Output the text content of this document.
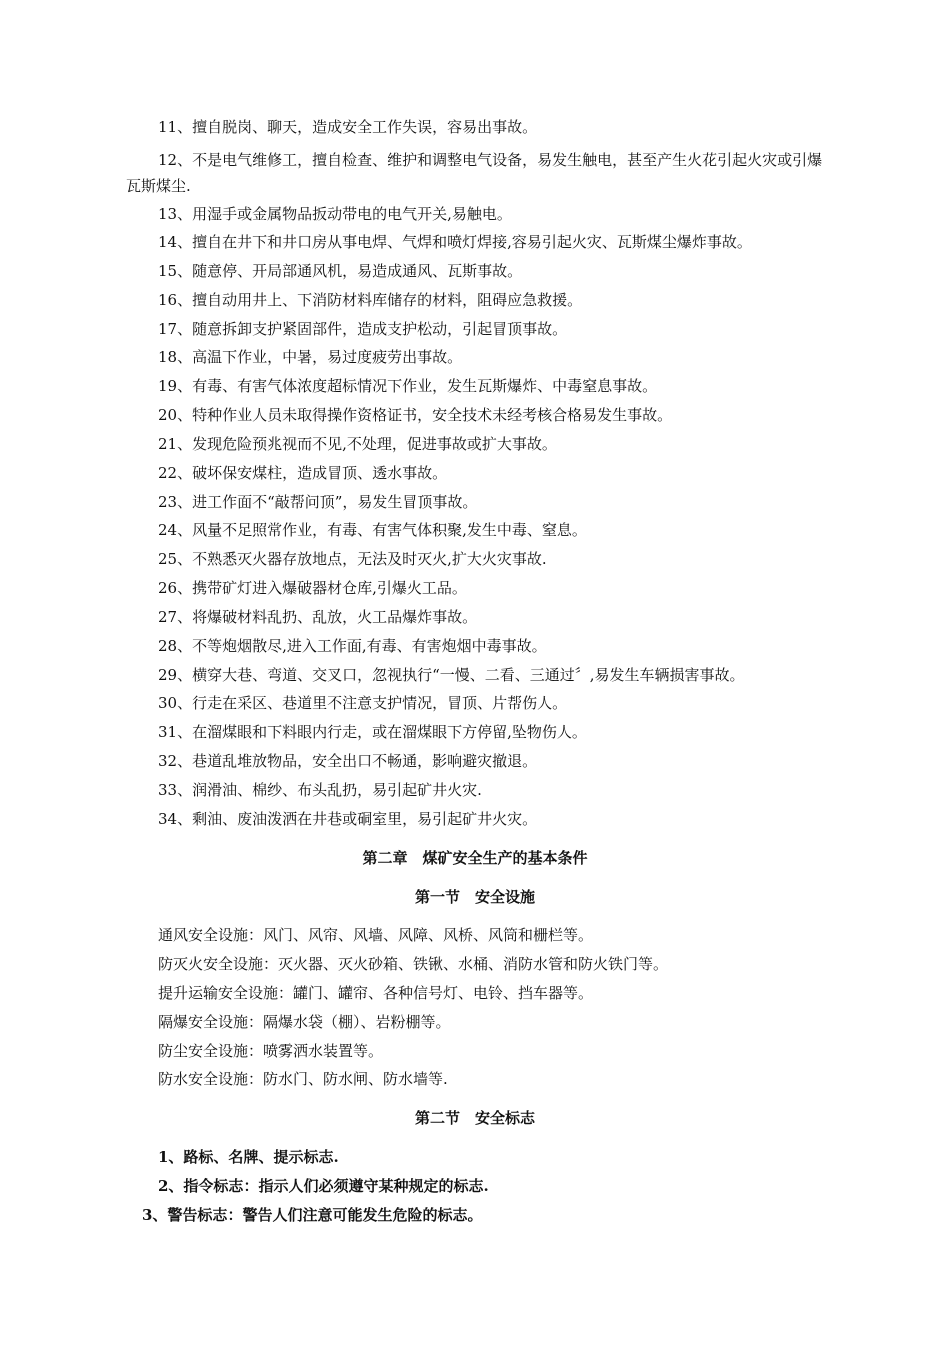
11、擅自脱岗、聊天，造成安全工作失误，容易出事故。
12、不是电气维修工，擅自检查、维护和调整电气设备，易发生触电，甚至产生火花引起火灾或引爆瓦斯煤尘.
13、用湿手或金属物品扳动带电的电气开关,易触电。
14、擅自在井下和井口房从事电焊、气焊和喷灯焊接,容易引起火灾、瓦斯煤尘爆炸事故。
15、随意停、开局部通风机，易造成通风、瓦斯事故。
16、擅自动用井上、下消防材料库储存的材料，阻碍应急救援。
17、随意拆卸支护紧固部件，造成支护松动，引起冒顶事故。
18、高温下作业，中暑，易过度疲劳出事故。
19、有毒、有害气体浓度超标情况下作业，发生瓦斯爆炸、中毒窒息事故。
20、特种作业人员未取得操作资格证书，安全技术未经考核合格易发生事故。
21、发现危险预兆视而不见,不处理，促进事故或扩大事故。
22、破坏保安煤柱，造成冒顶、透水事故。
23、进工作面不“敲帮问顶”，易发生冒顶事故。
24、风量不足照常作业，有毒、有害气体积聚,发生中毒、窒息。
25、不熟悉灭火器存放地点，无法及时灭火,扩大火灾事故.
26、携带矿灯进入爆破器材仓库,引爆火工品。
27、将爆破材料乱扔、乱放，火工品爆炸事故。
28、不等炮烟散尽,进入工作面,有毒、有害炮烟中毒事故。
29、横穿大巷、弯道、交叉口，忽视执行“一慢、二看、三通过〞,易发生车辆损害事故。
30、行走在采区、巷道里不注意支护情况，冒顶、片帮伤人。
31、在溜煤眼和下料眼内行走，或在溜煤眼下方停留,坠物伤人。
32、巷道乱堆放物品，安全出口不畅通，影响避灾撤退。
33、润滑油、棉纱、布头乱扔，易引起矿井火灾.
34、剩油、废油泼洒在井巷或硐室里，易引起矿井火灾。
第二章　煤矿安全生产的基本条件
第一节　安全设施
通风安全设施：风门、风帘、风墙、风障、风桥、风筒和栅栏等。
防灭火安全设施：灭火器、灭火砂箱、铁锹、水桶、消防水管和防火铁门等。
提升运输安全设施：罐门、罐帘、各种信号灯、电铃、挡车器等。
隔爆安全设施：隔爆水袋（棚）、岩粉棚等。
防尘安全设施：喷雾洒水装置等。
防水安全设施：防水门、防水闸、防水墙等.
第二节　安全标志
1、路标、名牌、提示标志.
2、指令标志：指示人们必须遵守某种规定的标志.
3、警告标志：警告人们注意可能发生危险的标志。
